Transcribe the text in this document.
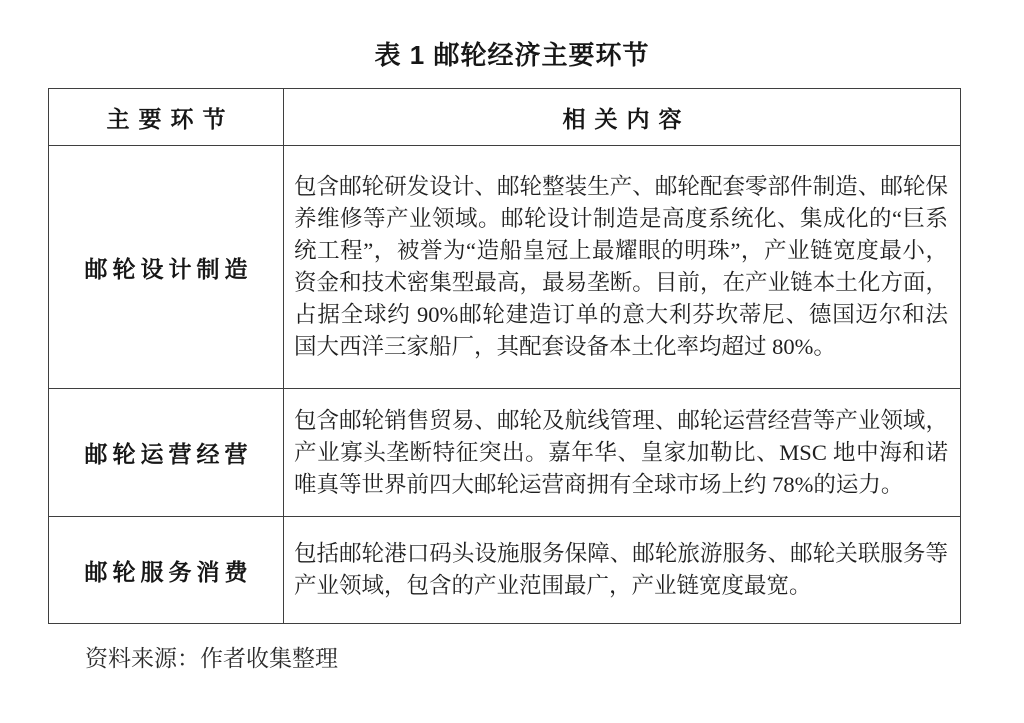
表 1 邮轮经济主要环节
主要环节	相关内容
邮轮设计制造	包含邮轮研发设计、邮轮整装生产、邮轮配套零部件制造、邮轮保养维修等产业领域。邮轮设计制造是高度系统化、集成化的“巨系统工程”，被誉为“造船皇冠上最耀眼的明珠”，产业链宽度最小，资金和技术密集型最高，最易垄断。目前，在产业链本土化方面，占据全球约 90%邮轮建造订单的意大利芬坎蒂尼、德国迈尔和法国大西洋三家船厂，其配套设备本土化率均超过 80%。
邮轮运营经营	包含邮轮销售贸易、邮轮及航线管理、邮轮运营经营等产业领域，产业寡头垄断特征突出。嘉年华、皇家加勒比、MSC 地中海和诺唯真等世界前四大邮轮运营商拥有全球市场上约 78%的运力。
邮轮服务消费	包括邮轮港口码头设施服务保障、邮轮旅游服务、邮轮关联服务等产业领域，包含的产业范围最广，产业链宽度最宽。
资料来源：作者收集整理
